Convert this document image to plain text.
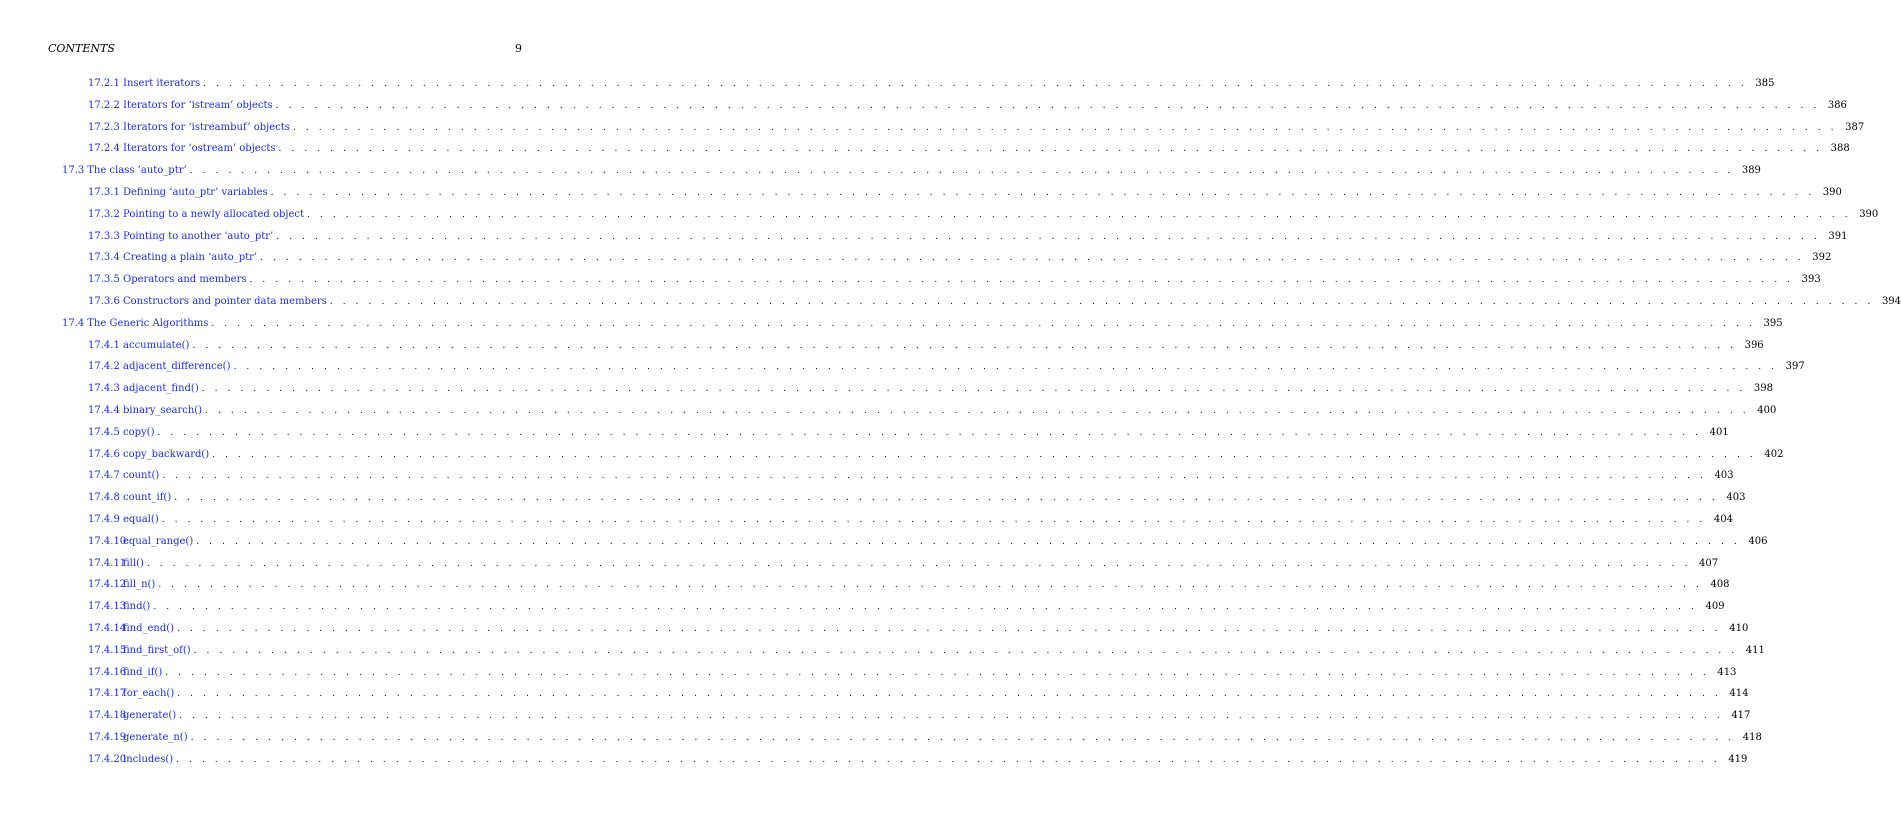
CONTENTS	9
17.2.1 Insert iterators . . . . . . . . . . . . . . . . . . . . . . . . . . . . . . . . . . . . . . . . . . . . . . . . . . . . . . . . . . . . . . . . . . . . . . . . . . . . . . . . . . . . . . . . . . . . . . . . . . . . . . . . . . . . . . . . . . . . . . . . 385
17.2.2 Iterators for ‘istream’ objects . . . . . . . . . . . . . . . . . . . . . . . . . . . . . . . . . . . . . . . . . . . . . . . . . . . . . . . . . . . . . . . . . . . . . . . . . . . . . . . . . . . . . . . . . . . . . . . . . . . . . . . . . . . . . . . . . . . . . . . . 386
17.2.3 Iterators for ‘istreambuf’ objects . . . . . . . . . . . . . . . . . . . . . . . . . . . . . . . . . . . . . . . . . . . . . . . . . . . . . . . . . . . . . . . . . . . . . . . . . . . . . . . . . . . . . . . . . . . . . . . . . . . . . . . . . . . . . . . . . . . . . . . . 387
17.2.4 Iterators for ‘ostream’ objects . . . . . . . . . . . . . . . . . . . . . . . . . . . . . . . . . . . . . . . . . . . . . . . . . . . . . . . . . . . . . . . . . . . . . . . . . . . . . . . . . . . . . . . . . . . . . . . . . . . . . . . . . . . . . . . . . . . . . . . . 388
17.3 The class ’auto_ptr’ . . . . . . . . . . . . . . . . . . . . . . . . . . . . . . . . . . . . . . . . . . . . . . . . . . . . . . . . . . . . . . . . . . . . . . . . . . . . . . . . . . . . . . . . . . . . . . . . . . . . . . . . . . . . . . . . . . . . . . . . 389
17.3.1 Defining ‘auto_ptr’ variables . . . . . . . . . . . . . . . . . . . . . . . . . . . . . . . . . . . . . . . . . . . . . . . . . . . . . . . . . . . . . . . . . . . . . . . . . . . . . . . . . . . . . . . . . . . . . . . . . . . . . . . . . . . . . . . . . . . . . . . . 390
17.3.2 Pointing to a newly allocated object . . . . . . . . . . . . . . . . . . . . . . . . . . . . . . . . . . . . . . . . . . . . . . . . . . . . . . . . . . . . . . . . . . . . . . . . . . . . . . . . . . . . . . . . . . . . . . . . . . . . . . . . . . . . . . . . . . . . . . . . 390
17.3.3 Pointing to another ‘auto_ptr’ . . . . . . . . . . . . . . . . . . . . . . . . . . . . . . . . . . . . . . . . . . . . . . . . . . . . . . . . . . . . . . . . . . . . . . . . . . . . . . . . . . . . . . . . . . . . . . . . . . . . . . . . . . . . . . . . . . . . . . . . 391
17.3.4 Creating a plain ‘auto_ptr’ . . . . . . . . . . . . . . . . . . . . . . . . . . . . . . . . . . . . . . . . . . . . . . . . . . . . . . . . . . . . . . . . . . . . . . . . . . . . . . . . . . . . . . . . . . . . . . . . . . . . . . . . . . . . . . . . . . . . . . . . 392
17.3.5 Operators and members . . . . . . . . . . . . . . . . . . . . . . . . . . . . . . . . . . . . . . . . . . . . . . . . . . . . . . . . . . . . . . . . . . . . . . . . . . . . . . . . . . . . . . . . . . . . . . . . . . . . . . . . . . . . . . . . . . . . . . . . 393
17.3.6 Constructors and pointer data members . . . . . . . . . . . . . . . . . . . . . . . . . . . . . . . . . . . . . . . . . . . . . . . . . . . . . . . . . . . . . . . . . . . . . . . . . . . . . . . . . . . . . . . . . . . . . . . . . . . . . . . . . . . . . . . . . . . . . . . . 394
17.4 The Generic Algorithms . . . . . . . . . . . . . . . . . . . . . . . . . . . . . . . . . . . . . . . . . . . . . . . . . . . . . . . . . . . . . . . . . . . . . . . . . . . . . . . . . . . . . . . . . . . . . . . . . . . . . . . . . . . . . . . . . . . . . . . . 395
17.4.1 accumulate() . . . . . . . . . . . . . . . . . . . . . . . . . . . . . . . . . . . . . . . . . . . . . . . . . . . . . . . . . . . . . . . . . . . . . . . . . . . . . . . . . . . . . . . . . . . . . . . . . . . . . . . . . . . . . . . . . . . . . . . . 396
17.4.2 adjacent_difference() . . . . . . . . . . . . . . . . . . . . . . . . . . . . . . . . . . . . . . . . . . . . . . . . . . . . . . . . . . . . . . . . . . . . . . . . . . . . . . . . . . . . . . . . . . . . . . . . . . . . . . . . . . . . . . . . . . . . . . . . 397
17.4.3 adjacent_find() . . . . . . . . . . . . . . . . . . . . . . . . . . . . . . . . . . . . . . . . . . . . . . . . . . . . . . . . . . . . . . . . . . . . . . . . . . . . . . . . . . . . . . . . . . . . . . . . . . . . . . . . . . . . . . . . . . . . . . . . 398
17.4.4 binary_search() . . . . . . . . . . . . . . . . . . . . . . . . . . . . . . . . . . . . . . . . . . . . . . . . . . . . . . . . . . . . . . . . . . . . . . . . . . . . . . . . . . . . . . . . . . . . . . . . . . . . . . . . . . . . . . . . . . . . . . . . 400
17.4.5 copy() . . . . . . . . . . . . . . . . . . . . . . . . . . . . . . . . . . . . . . . . . . . . . . . . . . . . . . . . . . . . . . . . . . . . . . . . . . . . . . . . . . . . . . . . . . . . . . . . . . . . . . . . . . . . . . . . . . . . . . . . 401
17.4.6 copy_backward() . . . . . . . . . . . . . . . . . . . . . . . . . . . . . . . . . . . . . . . . . . . . . . . . . . . . . . . . . . . . . . . . . . . . . . . . . . . . . . . . . . . . . . . . . . . . . . . . . . . . . . . . . . . . . . . . . . . . . . . . 402
17.4.7 count() . . . . . . . . . . . . . . . . . . . . . . . . . . . . . . . . . . . . . . . . . . . . . . . . . . . . . . . . . . . . . . . . . . . . . . . . . . . . . . . . . . . . . . . . . . . . . . . . . . . . . . . . . . . . . . . . . . . . . . . . 403
17.4.8 count_if() . . . . . . . . . . . . . . . . . . . . . . . . . . . . . . . . . . . . . . . . . . . . . . . . . . . . . . . . . . . . . . . . . . . . . . . . . . . . . . . . . . . . . . . . . . . . . . . . . . . . . . . . . . . . . . . . . . . . . . . . 403
17.4.9 equal() . . . . . . . . . . . . . . . . . . . . . . . . . . . . . . . . . . . . . . . . . . . . . . . . . . . . . . . . . . . . . . . . . . . . . . . . . . . . . . . . . . . . . . . . . . . . . . . . . . . . . . . . . . . . . . . . . . . . . . . . 404
17.4.10
equal_range() . . . . . . . . . . . . . . . . . . . . . . . . . . . . . . . . . . . . . . . . . . . . . . . . . . . . . . . . . . . . . . . . . . . . . . . . . . . . . . . . . . . . . . . . . . . . . . . . . . . . . . . . . . . . . . . . . . . . . . . . 406
17.4.11
fill() . . . . . . . . . . . . . . . . . . . . . . . . . . . . . . . . . . . . . . . . . . . . . . . . . . . . . . . . . . . . . . . . . . . . . . . . . . . . . . . . . . . . . . . . . . . . . . . . . . . . . . . . . . . . . . . . . . . . . . . . 407
17.4.12
fill_n() . . . . . . . . . . . . . . . . . . . . . . . . . . . . . . . . . . . . . . . . . . . . . . . . . . . . . . . . . . . . . . . . . . . . . . . . . . . . . . . . . . . . . . . . . . . . . . . . . . . . . . . . . . . . . . . . . . . . . . . . 408
17.4.13
find() . . . . . . . . . . . . . . . . . . . . . . . . . . . . . . . . . . . . . . . . . . . . . . . . . . . . . . . . . . . . . . . . . . . . . . . . . . . . . . . . . . . . . . . . . . . . . . . . . . . . . . . . . . . . . . . . . . . . . . . . 409
17.4.14
find_end() . . . . . . . . . . . . . . . . . . . . . . . . . . . . . . . . . . . . . . . . . . . . . . . . . . . . . . . . . . . . . . . . . . . . . . . . . . . . . . . . . . . . . . . . . . . . . . . . . . . . . . . . . . . . . . . . . . . . . . . . 410
17.4.15
find_first_of() . . . . . . . . . . . . . . . . . . . . . . . . . . . . . . . . . . . . . . . . . . . . . . . . . . . . . . . . . . . . . . . . . . . . . . . . . . . . . . . . . . . . . . . . . . . . . . . . . . . . . . . . . . . . . . . . . . . . . . . . 411
17.4.16
find_if() . . . . . . . . . . . . . . . . . . . . . . . . . . . . . . . . . . . . . . . . . . . . . . . . . . . . . . . . . . . . . . . . . . . . . . . . . . . . . . . . . . . . . . . . . . . . . . . . . . . . . . . . . . . . . . . . . . . . . . . . 413
17.4.17
for_each() . . . . . . . . . . . . . . . . . . . . . . . . . . . . . . . . . . . . . . . . . . . . . . . . . . . . . . . . . . . . . . . . . . . . . . . . . . . . . . . . . . . . . . . . . . . . . . . . . . . . . . . . . . . . . . . . . . . . . . . . 414
17.4.18
generate() . . . . . . . . . . . . . . . . . . . . . . . . . . . . . . . . . . . . . . . . . . . . . . . . . . . . . . . . . . . . . . . . . . . . . . . . . . . . . . . . . . . . . . . . . . . . . . . . . . . . . . . . . . . . . . . . . . . . . . . . 417
17.4.19
generate_n() . . . . . . . . . . . . . . . . . . . . . . . . . . . . . . . . . . . . . . . . . . . . . . . . . . . . . . . . . . . . . . . . . . . . . . . . . . . . . . . . . . . . . . . . . . . . . . . . . . . . . . . . . . . . . . . . . . . . . . . . 418
17.4.20
includes() . . . . . . . . . . . . . . . . . . . . . . . . . . . . . . . . . . . . . . . . . . . . . . . . . . . . . . . . . . . . . . . . . . . . . . . . . . . . . . . . . . . . . . . . . . . . . . . . . . . . . . . . . . . . . . . . . . . . . . . . 419
